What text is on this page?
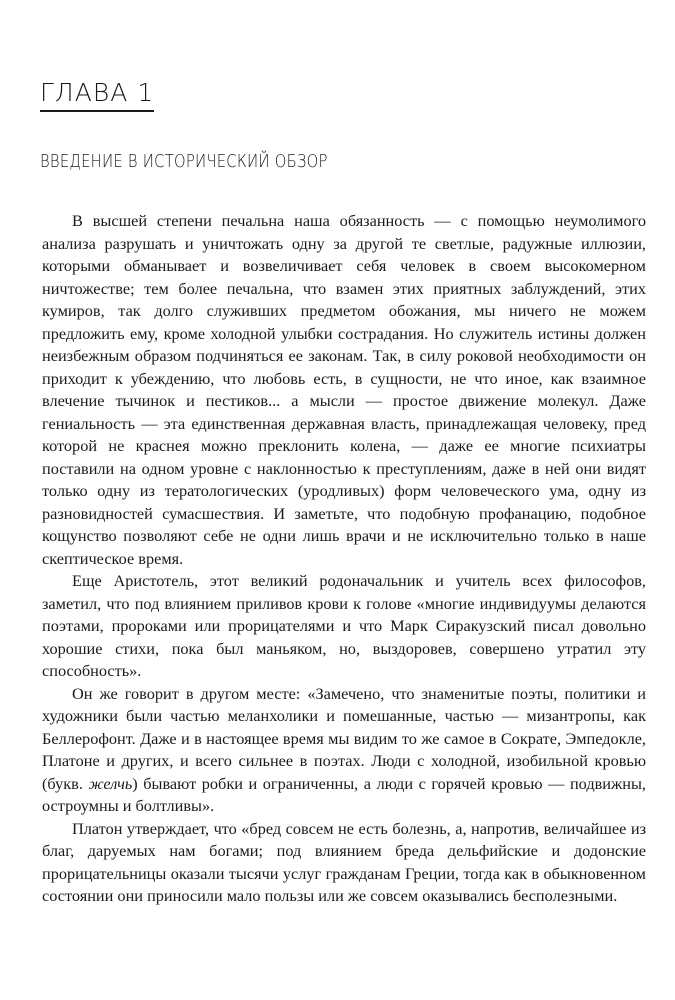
ГЛАВА 1
ВВЕДЕНИЕ В ИСТОРИЧЕСКИЙ ОБЗОР

В высшей степени печальна наша обязанность — с помощью неумолимого анализа разрушать и уничтожать одну за другой те светлые, радужные иллюзии, которыми обманывает и возвеличивает себя человек в своем высокомерном ничтожестве; тем более печальна, что взамен этих приятных заблуждений, этих кумиров, так долго служивших предметом обожания, мы ничего не можем предложить ему, кроме холодной улыбки сострадания. Но служитель истины должен неизбежным образом подчиняться ее законам. Так, в силу роковой необходимости он приходит к убеждению, что любовь есть, в сущности, не что иное, как взаимное влечение тычинок и пестиков... а мысли — простое движение молекул. Даже гениальность — эта единственная державная власть, принадлежащая человеку, пред которой не краснея можно преклонить колена, — даже ее многие психиатры поставили на одном уровне с наклонностью к преступлениям, даже в ней они видят только одну из тератологических (уродливых) форм человеческого ума, одну из разновидностей сумасшествия. И заметьте, что подобную профанацию, подобное кощунство позволяют себе не одни лишь врачи и не исключительно только в наше скептическое время.

Еще Аристотель, этот великий родоначальник и учитель всех философов, заметил, что под влиянием приливов крови к голове «многие индивидуумы делаются поэтами, пророками или прорицателями и что Марк Сиракузский писал довольно хорошие стихи, пока был маньяком, но, выздоровев, совершено утратил эту способность».

Он же говорит в другом месте: «Замечено, что знаменитые поэты, политики и художники были частью меланхолики и помешанные, частью — мизантропы, как Беллерофонт. Даже и в настоящее время мы видим то же самое в Сократе, Эмпедокле, Платоне и других, и всего сильнее в поэтах. Люди с холодной, изобильной кровью (букв. желчь) бывают робки и ограниченны, а люди с горячей кровью — подвижны, остроумны и болтливы».

Платон утверждает, что «бред совсем не есть болезнь, а, напротив, величайшее из благ, даруемых нам богами; под влиянием бреда дельфийские и додонские прорицательницы оказали тысячи услуг гражданам Греции, тогда как в обыкновенном состоянии они приносили мало пользы или же совсем оказывались бесполезными.
